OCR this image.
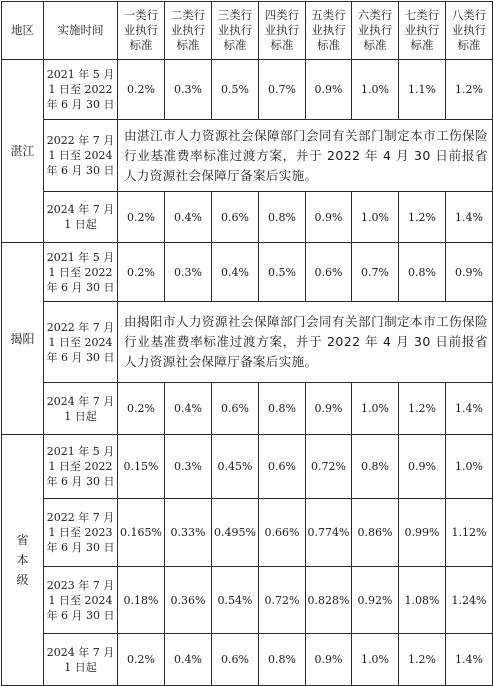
地区	实施时间	一类行
业执行
标准	二类行
业执行
标准	三类行
业执行
标准	四类行
业执行
标准	五类行
业执行
标准	六类行
业执行
标准	七类行
业执行
标准	八类行
业执行
标准
湛江	2021 年 5 月
1 日至 2022
年 6 月 30 日	0.2%	0.3%	0.5%	0.7%	0.9%	1.0%	1.1%	1.2%
	2022 年 7 月
1 日至 2024
年 6 月 30 日	由湛江市人力资源社会保障部门会同有关部门制定本市工伤保险行业基准费率标准过渡方案，并于 2022 年 4 月 30 日前报省人力资源社会保障厅备案后实施。							
	2024 年 7 月
1 日起	0.2%	0.4%	0.6%	0.8%	0.9%	1.0%	1.2%	1.4%
揭阳	2021 年 5 月
1 日至 2022
年 6 月 30 日	0.2%	0.3%	0.4%	0.5%	0.6%	0.7%	0.8%	0.9%
	2022 年 7 月
1 日至 2024
年 6 月 30 日	由揭阳市人力资源社会保障部门会同有关部门制定本市工伤保险行业基准费率标准过渡方案，并于 2022 年 4 月 30 日前报省人力资源社会保障厅备案后实施。							
	2024 年 7 月
1 日起	0.2%	0.4%	0.6%	0.8%	0.9%	1.0%	1.2%	1.4%
省
本
级	2021 年 5 月
1 日至 2022
年 6 月 30 日	0.15%	0.3%	0.45%	0.6%	0.72%	0.8%	0.9%	1.0%
	2022 年 7 月
1 日至 2023
年 6 月 30 日	0.165%	0.33%	0.495%	0.66%	0.774%	0.86%	0.99%	1.12%
	2023 年 7 月
1 日至 2024
年 6 月 30 日	0.18%	0.36%	0.54%	0.72%	0.828%	0.92%	1.08%	1.24%
	2024 年 7 月
1 日起	0.2%	0.4%	0.6%	0.8%	0.9%	1.0%	1.2%	1.4%
